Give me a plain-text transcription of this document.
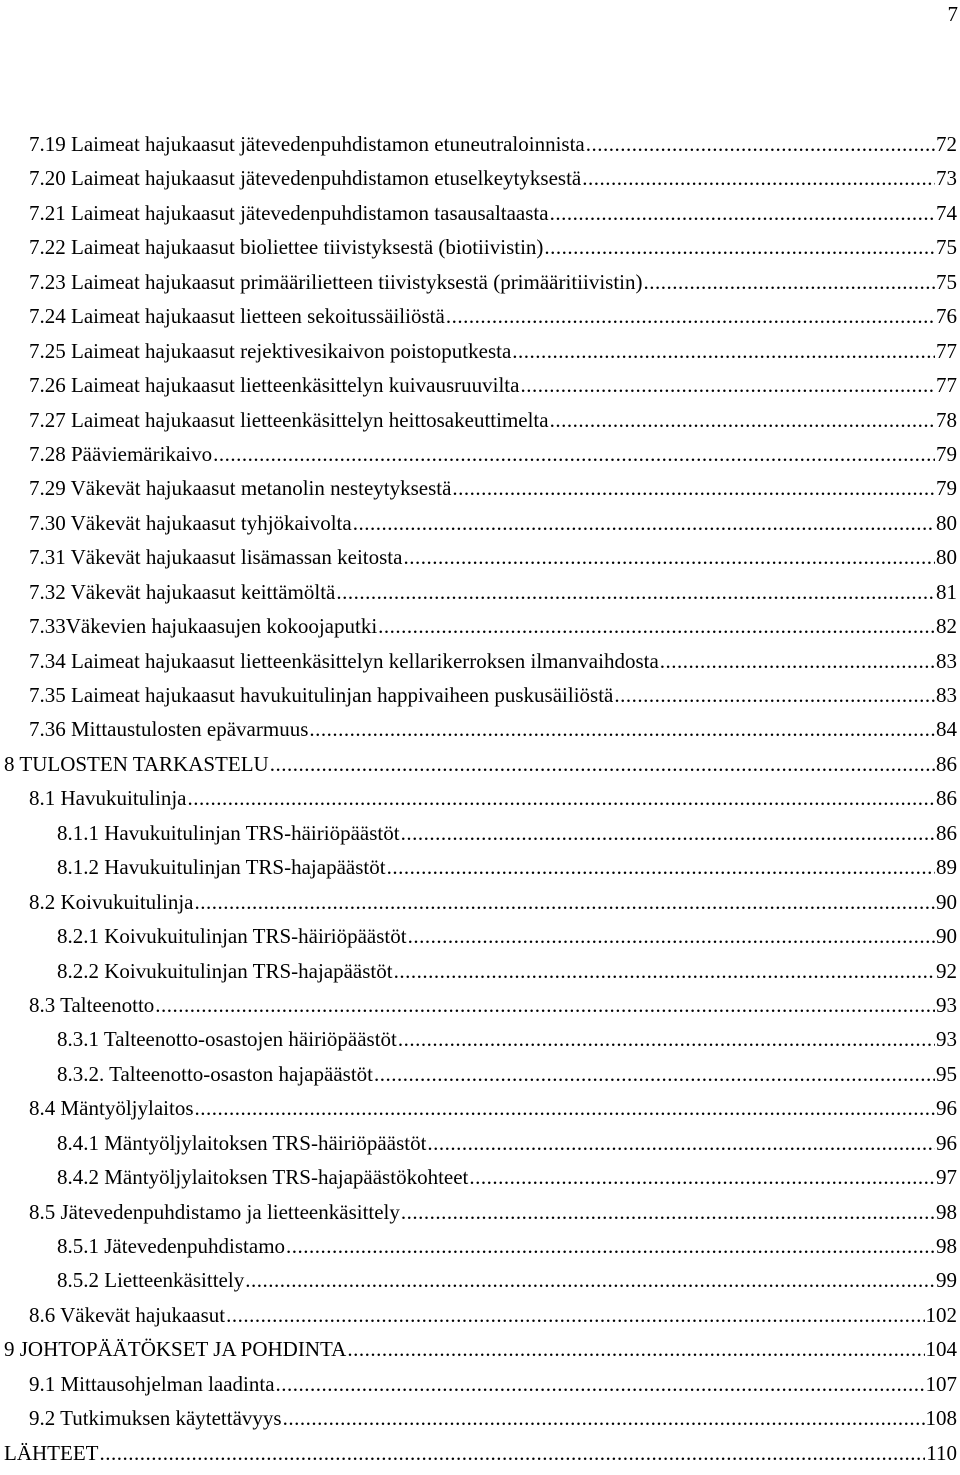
7
7.19 Laimeat hajukaasut jätevedenpuhdistamon etuneutraloinnista .....	72
7.20 Laimeat hajukaasut jätevedenpuhdistamon etuselkeytyksestä .....	73
7.21 Laimeat hajukaasut jätevedenpuhdistamon tasausaltaasta .....	74
7.22 Laimeat hajukaasut bioliettee tiivistyksestä (biotiivistin) .....	75
7.23 Laimeat hajukaasut primäärilietteen tiivistyksestä (primääritiivistin) .....	75
7.24 Laimeat hajukaasut lietteen sekoitussäiliöstä .....	76
7.25 Laimeat hajukaasut rejektivesikaivon poistoputkesta .....	77
7.26 Laimeat hajukaasut lietteenkäsittelyn kuivausruuvilta .....	77
7.27 Laimeat hajukaasut lietteenkäsittelyn heittosakeuttimelta .....	78
7.28 Pääviemärikaivo .....	79
7.29 Väkevät hajukaasut metanolin nesteytyksestä .....	79
7.30 Väkevät hajukaasut tyhjökaivolta .....	80
7.31 Väkevät hajukaasut lisämassan keitosta .....	80
7.32 Väkevät hajukaasut keittämöltä .....	81
7.33Väkevien hajukaasujen kokoojaputki .....	82
7.34 Laimeat hajukaasut lietteenkäsittelyn kellarikerroksen ilmanvaihdosta .....	83
7.35 Laimeat hajukaasut havukuitulinjan happivaiheen puskusäiliöstä .....	83
7.36 Mittaustulosten epävarmuus .....	84
8 TULOSTEN TARKASTELU .....	86
8.1 Havukuitulinja .....	86
8.1.1 Havukuitulinjan TRS-häiriöpäästöt .....	86
8.1.2 Havukuitulinjan TRS-hajapäästöt .....	89
8.2 Koivukuitulinja .....	90
8.2.1 Koivukuitulinjan TRS-häiriöpäästöt .....	90
8.2.2 Koivukuitulinjan TRS-hajapäästöt .....	92
8.3 Talteenotto .....	93
8.3.1 Talteenotto-osastojen häiriöpäästöt .....	93
8.3.2. Talteenotto-osaston hajapäästöt .....	95
8.4 Mäntyöljylaitos .....	96
8.4.1 Mäntyöljylaitoksen TRS-häiriöpäästöt .....	96
8.4.2 Mäntyöljylaitoksen TRS-hajapäästökohteet .....	97
8.5 Jätevedenpuhdistamo ja lietteenkäsittely .....	98
8.5.1 Jätevedenpuhdistamo .....	98
8.5.2 Lietteenkäsittely .....	99
8.6 Väkevät hajukaasut .....	102
9 JOHTOPÄÄTÖKSET JA POHDINTA .....	104
9.1 Mittausohjelman laadinta .....	107
9.2 Tutkimuksen käytettävyys .....	108
LÄHTEET .....	110
